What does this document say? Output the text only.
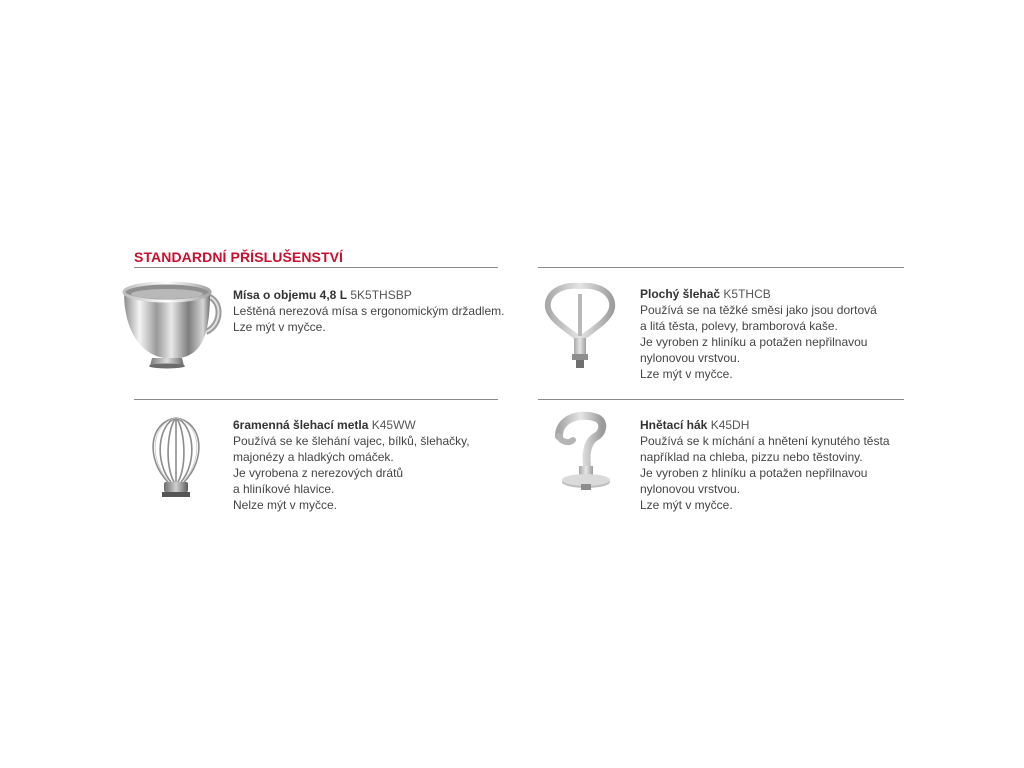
STANDARDNÍ PŘÍSLUŠENSTVÍ
Mísa o objemu 4,8 L 5K5THSBP
Leštěná nerezová mísa s ergonomickým držadlem.
Lze mýt v myčce.
Plochý šlehač K5THCB
Používá se na těžké směsi jako jsou dortová
a litá těsta, polevy, bramborová kaše.
Je vyroben z hliníku a potažen nepřilnavou
nylonovou vrstvou.
Lze mýt v myčce.
6ramenná šlehací metla K45WW
Používá se ke šlehání vajec, bílků, šlehačky,
majonézy a hladkých omáček.
Je vyrobena z nerezových drátů
a hliníkové hlavice.
Nelze mýt v myčce.
Hnětací hák K45DH
Používá se k míchání a hnětení kynutého těsta
například na chleba, pizzu nebo těstoviny.
Je vyroben z hliníku a potažen nepřilnavou
nylonovou vrstvou.
Lze mýt v myčce.
